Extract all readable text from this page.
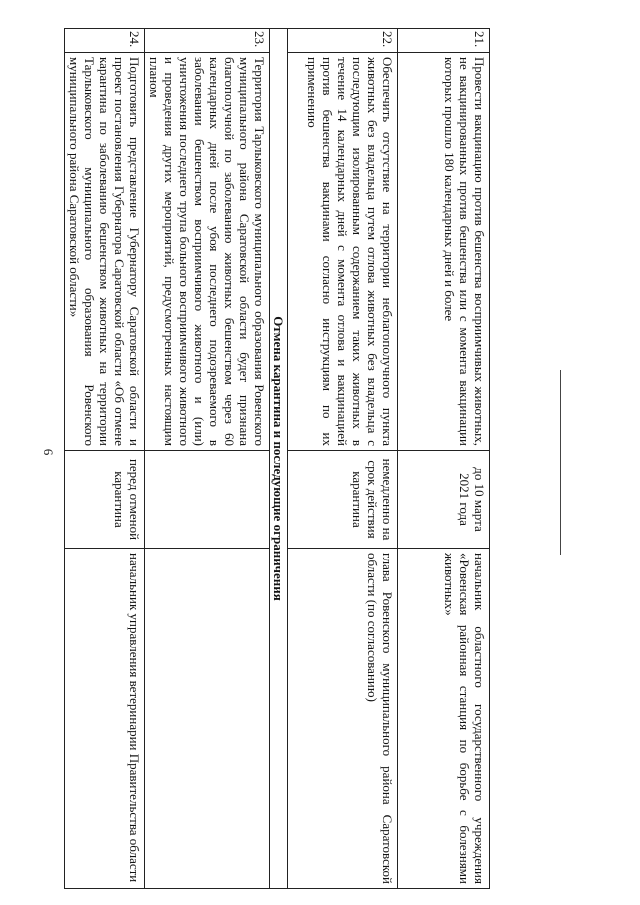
6
21.	Провести вакцинацию против бешенства восприимчивых животных, не вакцинированных против бешенства или с момента вакцинации которых прошло 180 календарных дней и более	до 10 марта 2021 года	начальник областного государственного учреждения «Ровенская районная станция по борьбе с болезнями животных»
22.	Обеспечить отсутствие на территории неблагополучного пункта животных без владельца путем отлова животных без владельца с последующим изолированным содержанием таких животных в течение 14 календарных дней с момента отлова и вакцинацией против бешенства вакцинами согласно инструкциям по их применению	немедленно на срок действия карантина	глава Ровенского муниципального района Саратовской области (по согласованию)
Отмена карантина и последующие ограничения			
23.	Территория Тарлыковского муниципального образования Ровенского муниципального района Саратовской области будет признана благополучной по заболеванию животных бешенством через 60 календарных дней после убоя последнего подозреваемого в заболевании бешенством восприимчивого животного и (или) уничтожения последнего трупа больного восприимчивого животного и проведения других мероприятий, предусмотренных настоящим планом		
24.	Подготовить представление Губернатору Саратовской области и проект постановления Губернатора Саратовской области «Об отмене карантина по заболеванию бешенством животных на территории Тарлыковского муниципального образования Ровенского муниципального района Саратовской области»	перед отменой карантина	начальник управления ветеринарии Правительства области
